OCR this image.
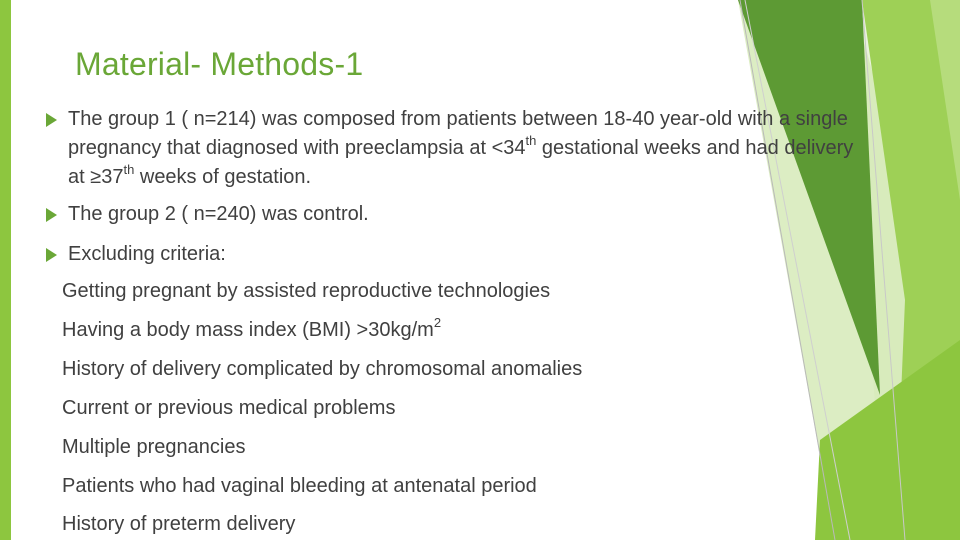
Material- Methods-1
The group 1 ( n=214) was composed from patients between 18-40 year-old with a single pregnancy that diagnosed with preeclampsia at <34th gestational weeks and had delivery at ≥37th weeks of gestation.
The group 2 ( n=240) was control.
Excluding criteria:
Getting pregnant by assisted reproductive technologies
Having a body mass index $(BMI) >30kg/m^2$
History of delivery complicated by chromosomal anomalies
Current or previous medical problems
Multiple pregnancies
Patients who had vaginal bleeding at antenatal period
History of preterm delivery
